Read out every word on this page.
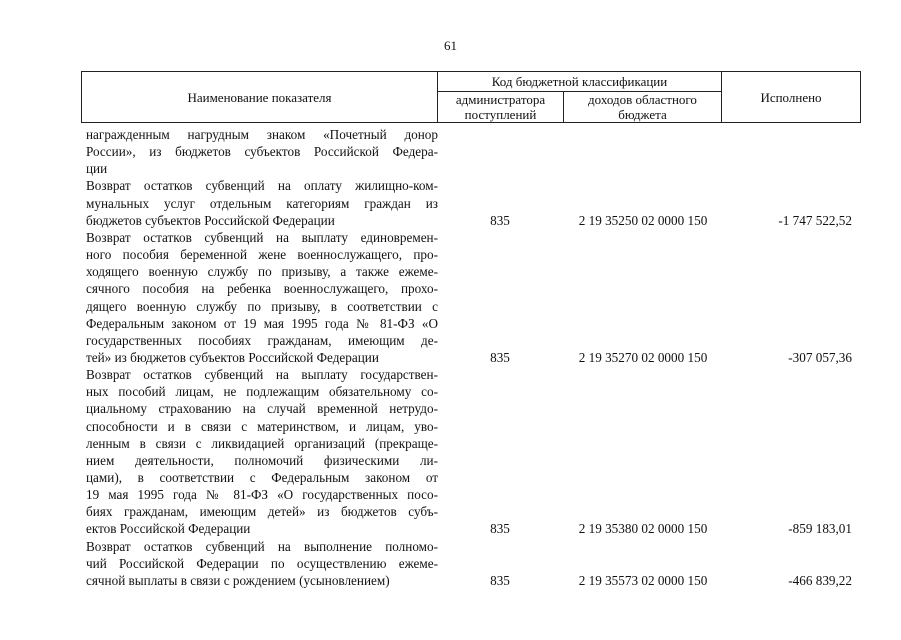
61
Наименование показателя
Код бюджетной классификации
администратора поступлений
доходов областного бюджета
Исполнено
награжденным нагрудным знаком «Почетный донор
России», из бюджетов субъектов Российской Федера-
ции
Возврат остатков субвенций на оплату жилищно-ком-
мунальных услуг отдельным категориям граждан из
бюджетов субъектов Российской Федерации	835	2 19 35250 02 0000 150	-1 747 522,52
Возврат остатков субвенций на выплату единовремен-
ного пособия беременной жене военнослужащего, про-
ходящего военную службу по призыву, а также ежеме-
сячного пособия на ребенка военнослужащего, прохо-
дящего военную службу по призыву, в соответствии с
Федеральным законом от 19 мая 1995 года № 81-ФЗ «О
государственных пособиях гражданам, имеющим де-
тей» из бюджетов субъектов Российской Федерации	835	2 19 35270 02 0000 150	-307 057,36
Возврат остатков субвенций на выплату государствен-
ных пособий лицам, не подлежащим обязательному со-
циальному страхованию на случай временной нетрудо-
способности и в связи с материнством, и лицам, уво-
ленным в связи с ликвидацией организаций (прекраще-
нием деятельности, полномочий физическими ли-
цами), в соответствии с Федеральным законом от
19 мая 1995 года № 81-ФЗ «О государственных посо-
биях гражданам, имеющим детей» из бюджетов субъ-
ектов Российской Федерации	835	2 19 35380 02 0000 150	-859 183,01
Возврат остатков субвенций на выполнение полномо-
чий Российской Федерации по осуществлению ежеме-
сячной выплаты в связи с рождением (усыновлением)	835	2 19 35573 02 0000 150	-466 839,22
